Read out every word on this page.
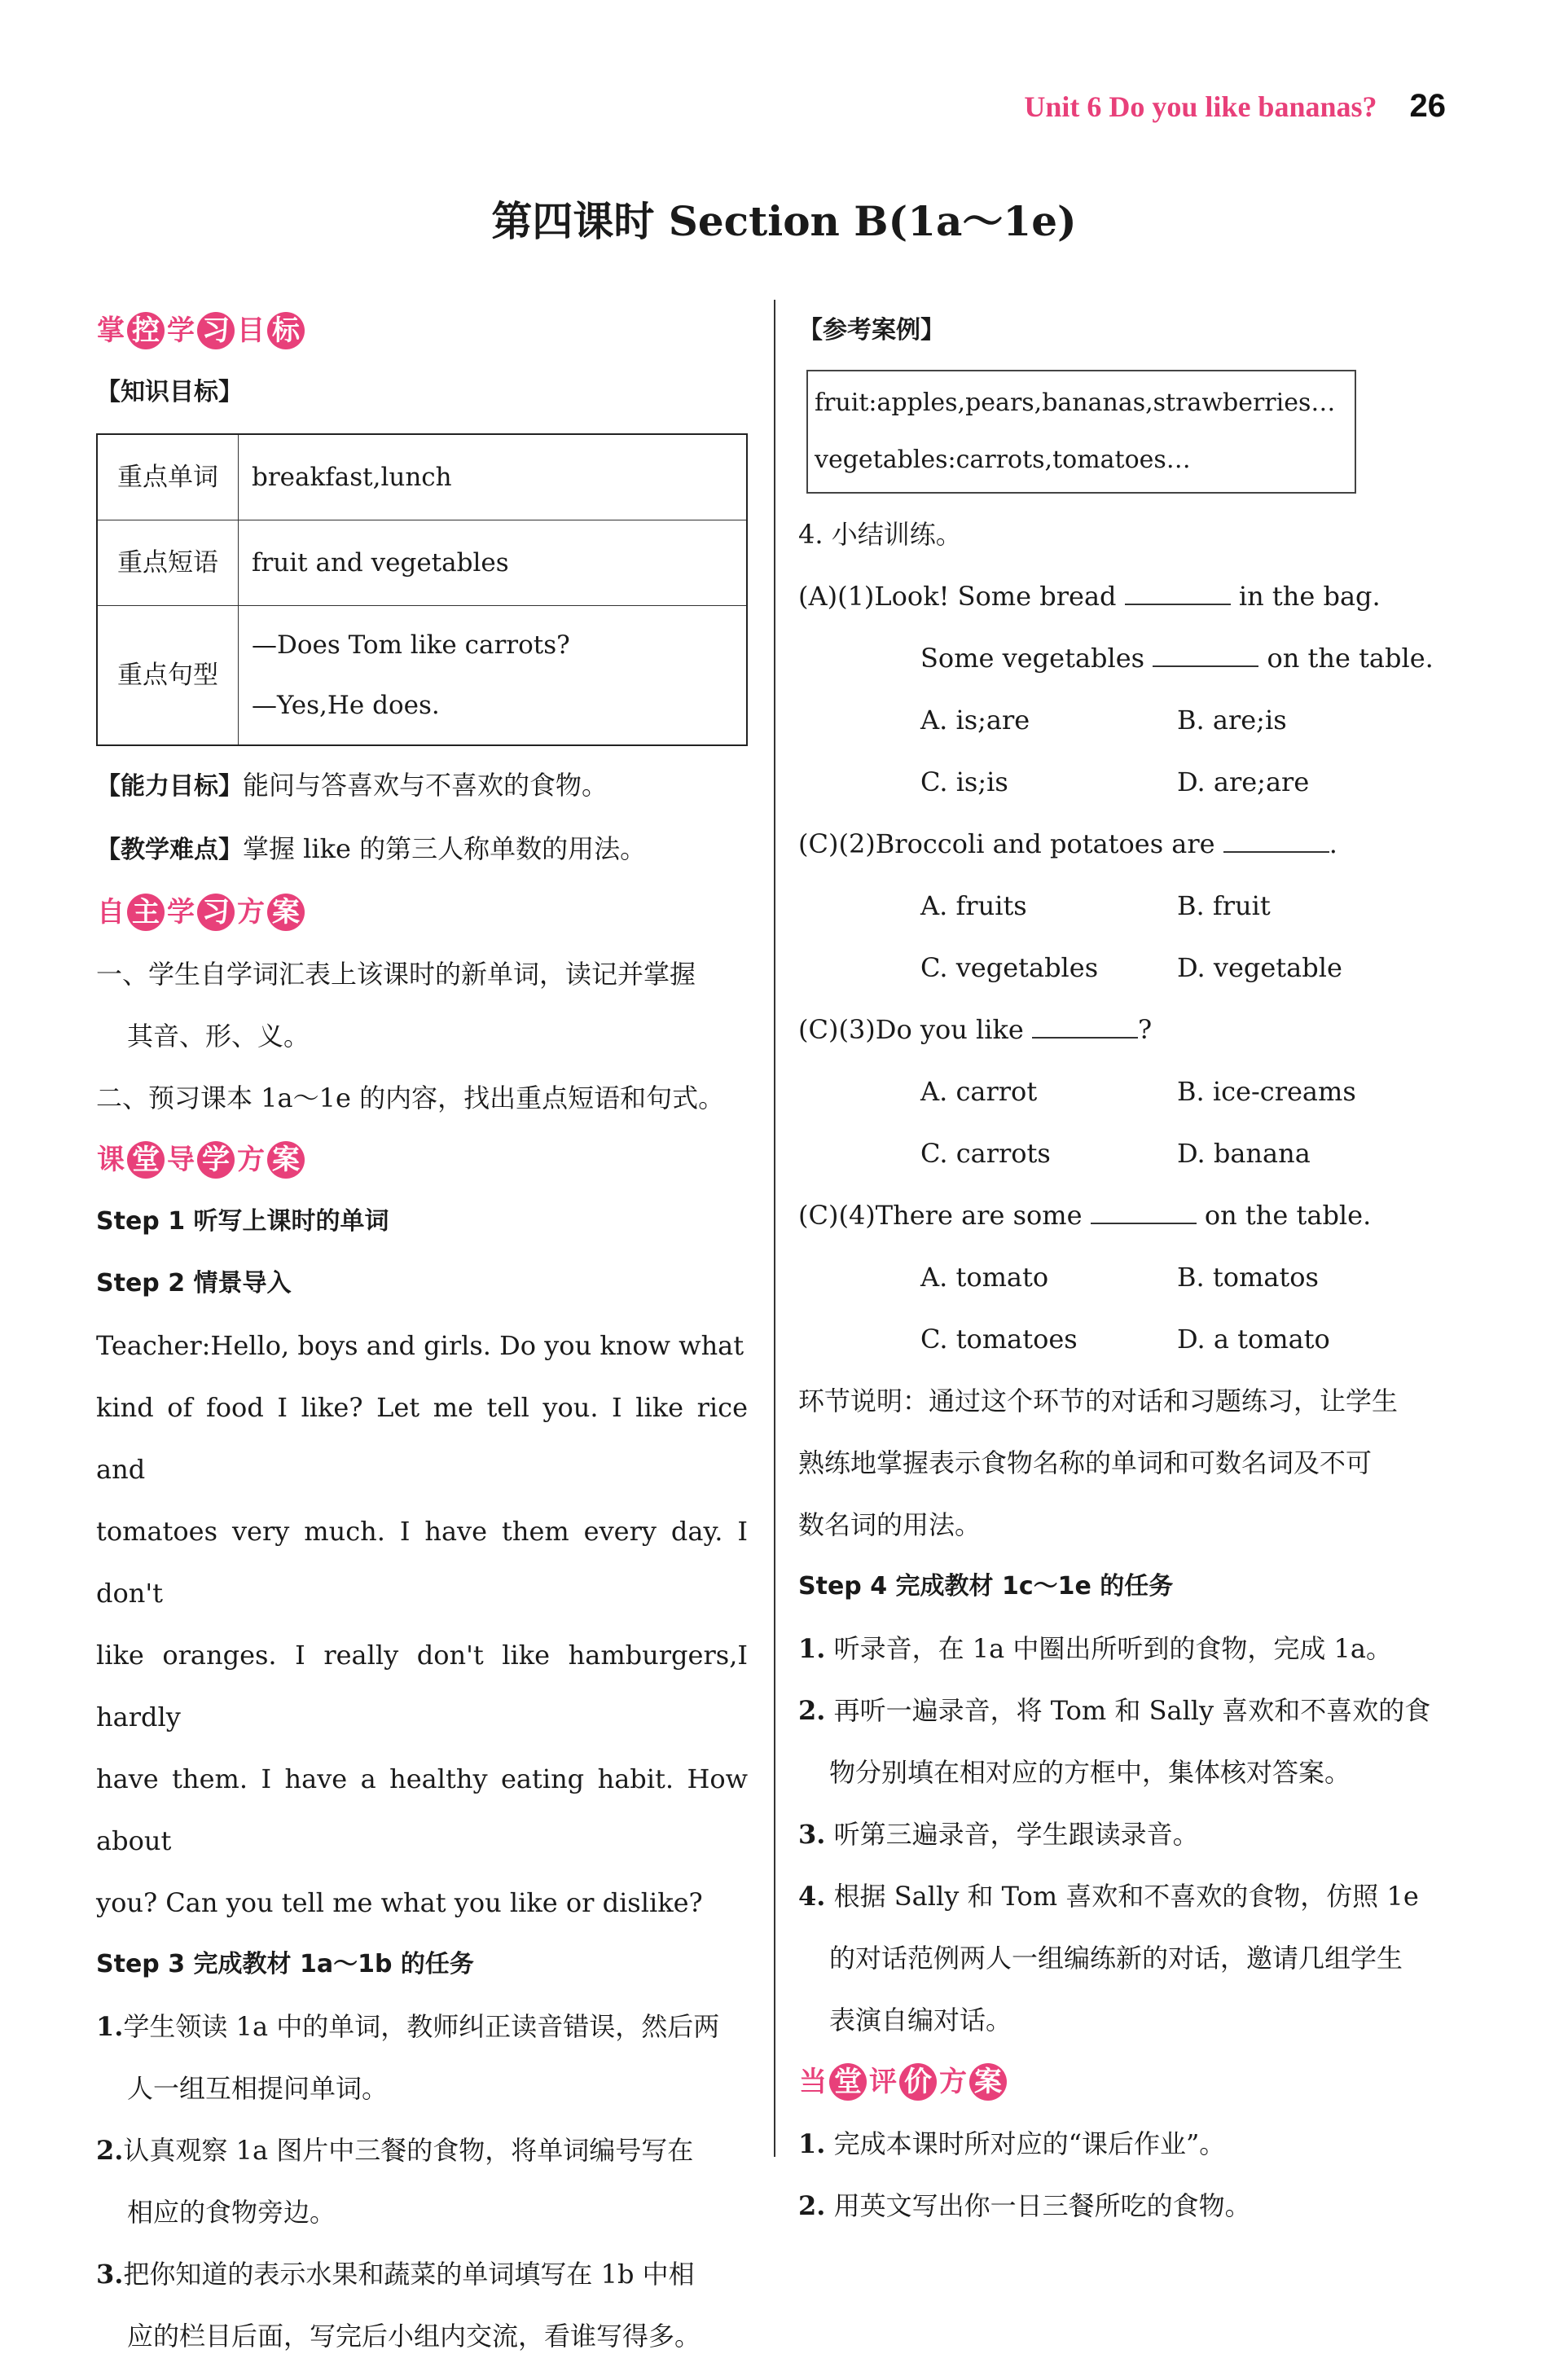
Unit 6 Do you like bananas? 26
第四课时 Section B(1a～1e)
掌 控 学 习 目 标
【知识目标】
重点单词	breakfast,lunch
重点短语	fruit and vegetables
重点句型	—Does Tom like carrots?
—Yes,He does.
【能力目标】能问与答喜欢与不喜欢的食物。
【教学难点】掌握 like 的第三人称单数的用法。
自 主 学 习 方 案
一、学生自学词汇表上该课时的新单词，读记并掌握
其音、形、义。
二、预习课本 1a～1e 的内容，找出重点短语和句式。
课 堂 导 学 方 案
Step 1 听写上课时的单词
Step 2 情景导入
Teacher:Hello, boys and girls. Do you know what
kind of food I like? Let me tell you. I like rice and
tomatoes very much. I have them every day. I don't
like oranges. I really don't like hamburgers,I hardly
have them. I have a healthy eating habit. How about
you? Can you tell me what you like or dislike?
Step 3 完成教材 1a～1b 的任务
1.学生领读 1a 中的单词，教师纠正读音错误，然后两
人一组互相提问单词。
2.认真观察 1a 图片中三餐的食物，将单词编号写在
相应的食物旁边。
3.把你知道的表示水果和蔬菜的单词填写在 1b 中相
应的栏目后面，写完后小组内交流，看谁写得多。
【参考案例】
fruit:apples,pears,bananas,strawberries…
vegetables:carrots,tomatoes…
4. 小结训练。
(A)(1)Look! Some bread	in the bag.
Some vegetables	on the table.
A. is;are	B. are;is
C. is;is	D. are;are
(C)(2)Broccoli and potatoes are	.
A. fruits	B. fruit
C. vegetables	D. vegetable
(C)(3)Do you like	?
A. carrot	B. ice-creams
C. carrots	D. banana
(C)(4)There are some	on the table.
A. tomato	B. tomatos
C. tomatoes	D. a tomato
环节说明：通过这个环节的对话和习题练习，让学生
熟练地掌握表示食物名称的单词和可数名词及不可
数名词的用法。
Step 4 完成教材 1c～1e 的任务
1. 听录音，在 1a 中圈出所听到的食物，完成 1a。
2. 再听一遍录音，将 Tom 和 Sally 喜欢和不喜欢的食
物分别填在相对应的方框中，集体核对答案。
3. 听第三遍录音，学生跟读录音。
4. 根据 Sally 和 Tom 喜欢和不喜欢的食物，仿照 1e
的对话范例两人一组编练新的对话，邀请几组学生
表演自编对话。
当 堂 评 价 方 案
1. 完成本课时所对应的“课后作业”。
2. 用英文写出你一日三餐所吃的食物。
